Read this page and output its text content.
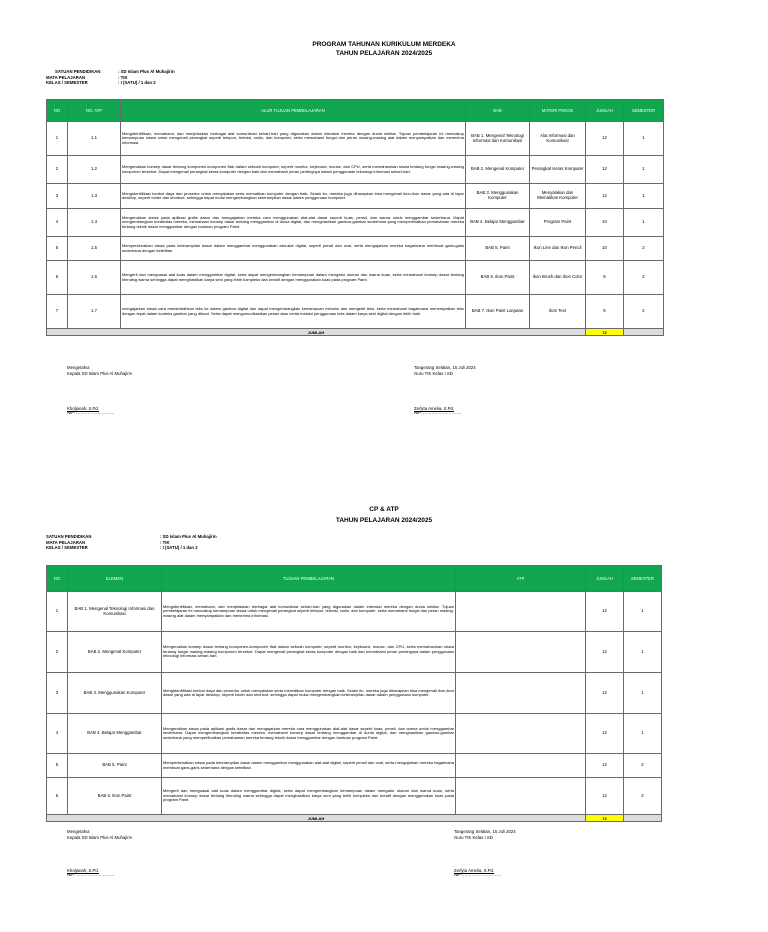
PROGRAM TAHUNAN KURIKULUM MERDEKA
TAHUN PELAJARAN 2024/2025
SATUAN PENDIDIKAN	: SD Islam Plus Al Muhajirin
MATA PELAJARAN	: TIK
KELAS / SEMESTER	: I (SATU) / 1 dan 2
NO	NO. ATP	ALUR TUJUAN PEMBELAJARAN	BAB	MATERI POKOK	JUMLAH	SEMESTER
1	1.1	Mengidentifikasi, memahami, dan menjelaskan berbagai alat komunikasi sehari-hari yang digunakan dalam interaksi mereka dengan dunia sekitar. Tujuan pembelajaran ini mencakup kemampuan siswa untuk mengenali perangkat seperti telepon, televisi, radio, dan komputer, serta memahami fungsi dan peran masing-masing alat dalam menyampaikan dan menerima informasi.	BAB 1. Mengenal Teknologi Informasi dan Komunikasi	Alat Informasi dan Komunikasi	12	1
2	1.2	Mengenalkan konsep dasar tentang komponen-komponen fisik dalam sebuah komputer, seperti monitor, keyboard, mouse, dan CPU, serta memahamkan siswa tentang fungsi masing-masing komponen tersebut. Dapat mengenali perangkat keras komputer dengan baik dan memahami peran pentingnya dalam penggunaan teknologi informasi sehari-hari.	BAB 2. Mengenal Komputer	Perangkat Keras Komputer	12	1
3	1.3	Mengidentifikasi tombol daya dan prosedur untuk menyalakan serta mematikan komputer dengan baik. Selain itu, mereka juga diharapkan bisa mengenali ikon-ikon dasar yang ada di layar desktop, seperti folder dan shortcut, sehingga dapat mulai mengembangkan keterampilan dasar dalam penggunaan komputer.	BAB 3. Menggunakan Komputer	Menyalakan dan Mematikan Komputer	12	1
4	1.4	Mengenalkan siswa pada aplikasi grafis dasar dan mengajarkan mereka cara menggunakan alat-alat dasar seperti kuas, pensil, dan warna untuk menggambar sederhana. Dapat mengembangkan kreativitas mereka, memahami konsep dasar tentang menggambar di dunia digital, dan menghasilkan gambar-gambar sederhana yang memperlihatkan pemahaman mereka tentang teknik dasar menggambar dengan bantuan program Paint.	BAB 4. Belajar Menggambar	Program Paint	10	1
5	1.5	Memperkenalkan siswa pada keterampilan dasar dalam menggambar menggunakan alat-alat digital, seperti pensil dan oval, serta mengajarkan mereka bagaimana membuat garis-garis sederhana dengan ketelitian.	BAB 5. Paint	Ikon Line dan Ikon Pencil	10	2
6	1.6	Mengerti dan menguasai alat kuas dalam menggambar digital, serta dapat mengembangkan kemampuan dalam mengatur ukuran dan warna kuas, serta memahami konsep dasar tentang blending warna sehingga dapat menghasilkan karya seni yang lebih kompleks dan kreatif dengan menggunakan kuas pada program Paint.	BAB 6. Ikon Paint	Ikon Brush dan Ikon Color	8	2
7	1.7	mengajarkan siswa cara menambahkan teks ke dalam gambar digital dan dapat mengembangkan kemampuan menulis dan mengedit teks, serta memahami bagaimana menempatkan teks dengan tepat dalam konteks gambar yang dibuat. Serta dapat mengomunikasikan pesan atau cerita melalui penggunaan teks dalam karya seni digital dengan lebih baik.	BAB 7. Ikon Paint Lanjutan	Ikon Text	8	2
JUMLAH					72	
Mengetahui
Kepala SD Islam Plus Al Muhajirin
Kholjanah, S.Pd.
NIP. ………………………
Tangerang Selatan, 15 Juli 2024
Guru TIK Kelas I SD
Zerlyta Amelia, S.Pd.
NIP. ………………………
CP & ATP
TAHUN PELAJARAN 2024/2025
SATUAN PENDIDIKAN	: SD Islam Plus Al Muhajirin
MATA PELAJARAN	: TIK
KELAS / SEMESTER	: I (SATU) / 1 dan 2
NO	ELEMEN	TUJUAN PEMBELAJARAN	ATP	JUMLAH	SEMESTER
1	BAB 1. Mengenal Teknologi Informasi dan Komunikasi	Mengidentifikasi, memahami, dan menjelaskan berbagai alat komunikasi sehari-hari yang digunakan dalam interaksi mereka dengan dunia sekitar. Tujuan pembelajaran ini mencakup kemampuan siswa untuk mengenali perangkat seperti telepon, televisi, radio, dan komputer, serta memahami fungsi dan peran masing-masing alat dalam menyampaikan dan menerima informasi.		12	1
2	BAB 2. Mengenal Komputer	Mengenalkan konsep dasar tentang komponen-komponen fisik dalam sebuah komputer, seperti monitor, keyboard, mouse, dan CPU, serta memahamkan siswa tentang fungsi masing-masing komponen tersebut. Dapat mengenali perangkat keras komputer dengan baik dan memahami peran pentingnya dalam penggunaan teknologi informasi sehari-hari.		12	1
3	BAB 3. Menggunakan Komputer	Mengidentifikasi tombol daya dan prosedur untuk menyalakan serta mematikan komputer dengan baik. Selain itu, mereka juga diharapkan bisa mengenali ikon-ikon dasar yang ada di layar desktop, seperti folder dan shortcut, sehingga dapat mulai mengembangkan keterampilan dasar dalam penggunaan komputer.		12	1
4	BAB 4. Belajar Menggambar	Mengenalkan siswa pada aplikasi grafis dasar dan mengajarkan mereka cara menggunakan alat-alat dasar seperti kuas, pensil, dan warna untuk menggambar sederhana. Dapat mengembangkan kreativitas mereka, memahami konsep dasar tentang menggambar di dunia digital, dan menghasilkan gambar-gambar sederhana yang memperlihatkan pemahaman mereka tentang teknik dasar menggambar dengan bantuan program Paint.		12	1
5	BAB 5. Paint	Memperkenalkan siswa pada keterampilan dasar dalam menggambar menggunakan alat-alat digital, seperti pensil dan oval, serta mengajarkan mereka bagaimana membuat garis-garis sederhana dengan ketelitian.		12	2
6	BAB 6. Ikon Paint	Mengerti dan menguasai alat kuas dalam menggambar digital, serta dapat mengembangkan kemampuan dalam mengatur ukuran dan warna kuas, serta memahami konsep dasar tentang blending warna sehingga dapat menghasilkan karya seni yang lebih kompleks dan kreatif dengan menggunakan kuas pada program Paint.		12	2
JUMLAH				72	
Mengetahui
Kepala SD Islam Plus Al Muhajirin
Kholjanah, S.Pd.
NIP. ………………………
Tangerang Selatan, 15 Juli 2024
Guru TIK Kelas I SD
Zerlyta Amelia, S.Pd.
NIP. ………………………
